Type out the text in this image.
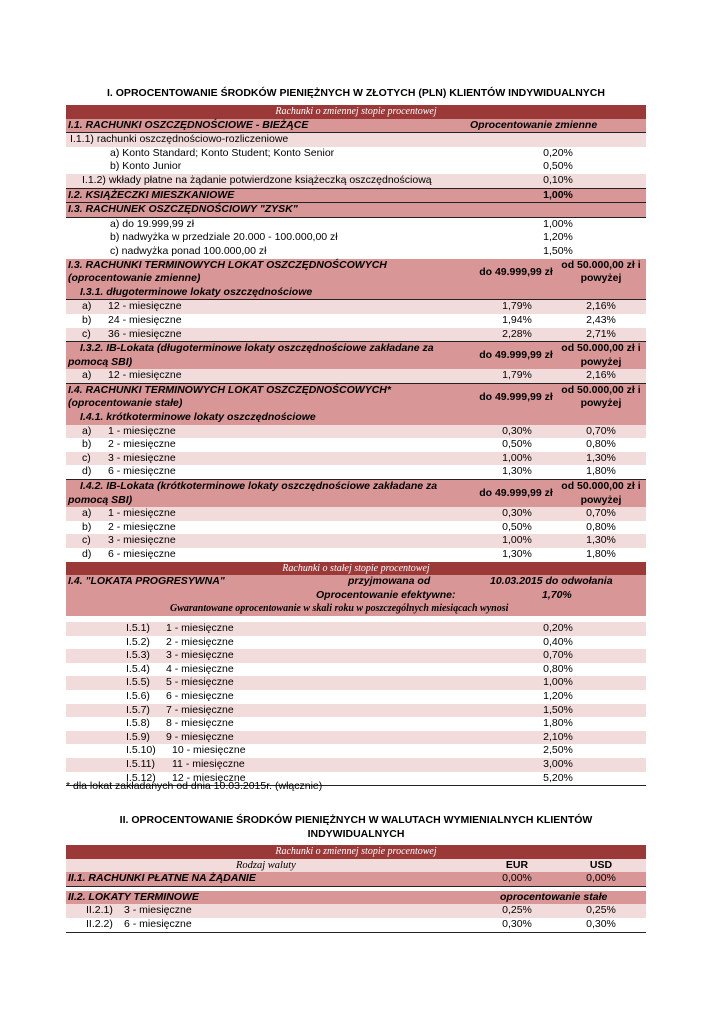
I. OPROCENTOWANIE ŚRODKÓW PIENIĘŻNYCH W ZŁOTYCH (PLN) KLIENTÓW INDYWIDUALNYCH
Rachunki o zmiennej stopie procentowej
I.1. RACHUNKI OSZCZĘDNOŚCIOWE - BIEŻĄCE	Oprocentowanie zmienne
I.1.1) rachunki oszczędnościowo-rozliczeniowe
a) Konto Standard; Konto Student; Konto Senior	0,20%
b) Konto Junior	0,50%
I.1.2) wkłady płatne na żądanie potwierdzone książeczką oszczędnościową	0,10%
I.2. KSIĄŻECZKI MIESZKANIOWE	1,00%
I.3. RACHUNEK OSZCZĘDNOŚCIOWY "ZYSK"
a) do 19.999,99 zł	1,00%
b) nadwyżka w przedziale 20.000 - 100.000,00 zł	1,20%
c) nadwyżka ponad 100.000,00 zł	1,50%
I.3. RACHUNKI TERMINOWYCH LOKAT OSZCZĘDNOŚCOWYCH
(oprocentowanie zmienne)
I.3.1. długoterminowe lokaty oszczędnościowe
do 49.999,99 zł
od 50.000,00 zł i powyżej
a) 12 - miesięczne	1,79%	2,16%
b) 24 - miesięczne	1,94%	2,43%
c) 36 - miesięczne	2,28%	2,71%
I.3.2. IB-Lokata (długoterminowe lokaty oszczędnościowe zakładane za pomocą SBI)
do 49.999,99 zł
od 50.000,00 zł i powyżej
a) 12 - miesięczne	1,79%	2,16%
I.4. RACHUNKI TERMINOWYCH LOKAT OSZCZĘDNOŚCOWYCH*
(oprocentowanie stałe)
I.4.1. krótkoterminowe lokaty oszczędnościowe
do 49.999,99 zł
od 50.000,00 zł i powyżej
a) 1 - miesięczne	0,30%	0,70%
b) 2 - miesięczne	0,50%	0,80%
c) 3 - miesięczne	1,00%	1,30%
d) 6 - miesięczne	1,30%	1,80%
I.4.2. IB-Lokata (krótkoterminowe lokaty oszczędnościowe zakładane za pomocą SBI)
do 49.999,99 zł
od 50.000,00 zł i powyżej
a) 1 - miesięczne	0,30%	0,70%
b) 2 - miesięczne	0,50%	0,80%
c) 3 - miesięczne	1,00%	1,30%
d) 6 - miesięczne	1,30%	1,80%
Rachunki o stałej stopie procentowej
I.4. "LOKATA PROGRESYWNA"	przyjmowana od	10.03.2015 do odwołania
Oprocentowanie efektywne:	1,70%
Gwarantowane oprocentowanie w skali roku w poszczególnych miesiącach wynosi
I.5.1) 1 - miesięczne	0,20%
I.5.2) 2 - miesięczne	0,40%
I.5.3) 3 - miesięczne	0,70%
I.5.4) 4 - miesięczne	0,80%
I.5.5) 5 - miesięczne	1,00%
I.5.6) 6 - miesięczne	1,20%
I.5.7) 7 - miesięczne	1,50%
I.5.8) 8 - miesięczne	1,80%
I.5.9) 9 - miesięczne	2,10%
I.5.10) 10 - miesięczne	2,50%
I.5.11) 11 - miesięczne	3,00%
I.5.12) 12 - miesięczne	5,20%
* dla lokat zakładanych od dnia 10.03.2015r. (włącznie)
II. OPROCENTOWANIE ŚRODKÓW PIENIĘŻNYCH W WALUTACH WYMIENIALNYCH KLIENTÓW
INDYWIDUALNYCH
Rachunki o zmiennej stopie procentowej
Rodzaj waluty	EUR	USD
II.1. RACHUNKI PŁATNE NA ŻĄDANIE	0,00%	0,00%
II.2. LOKATY TERMINOWE	oprocentowanie stałe
II.2.1) 3 - miesięczne	0,25%	0,25%
II.2.2) 6 - miesięczne	0,30%	0,30%
